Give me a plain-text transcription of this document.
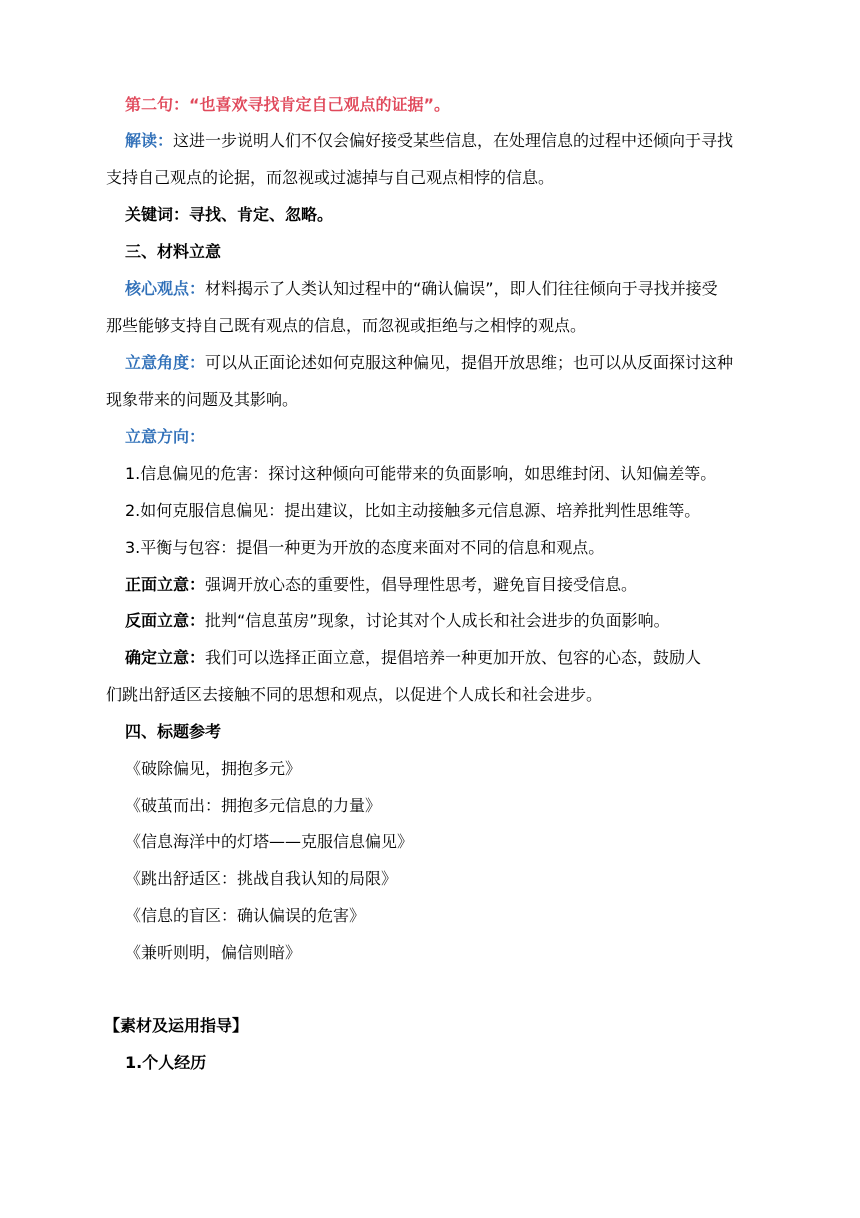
第二句：“也喜欢寻找肯定自己观点的证据”。
解读：这进一步说明人们不仅会偏好接受某些信息，在处理信息的过程中还倾向于寻找
支持自己观点的论据，而忽视或过滤掉与自己观点相悖的信息。
关键词：寻找、肯定、忽略。
三、材料立意
核心观点：材料揭示了人类认知过程中的“确认偏误”，即人们往往倾向于寻找并接受
那些能够支持自己既有观点的信息，而忽视或拒绝与之相悖的观点。
立意角度：可以从正面论述如何克服这种偏见，提倡开放思维；也可以从反面探讨这种
现象带来的问题及其影响。
立意方向：
1.信息偏见的危害：探讨这种倾向可能带来的负面影响，如思维封闭、认知偏差等。
2.如何克服信息偏见：提出建议，比如主动接触多元信息源、培养批判性思维等。
3.平衡与包容：提倡一种更为开放的态度来面对不同的信息和观点。
正面立意：强调开放心态的重要性，倡导理性思考，避免盲目接受信息。
反面立意：批判“信息茧房”现象，讨论其对个人成长和社会进步的负面影响。
确定立意：我们可以选择正面立意，提倡培养一种更加开放、包容的心态，鼓励人
们跳出舒适区去接触不同的思想和观点，以促进个人成长和社会进步。
四、标题参考
《破除偏见，拥抱多元》
《破茧而出：拥抱多元信息的力量》
《信息海洋中的灯塔——克服信息偏见》
《跳出舒适区：挑战自我认知的局限》
《信息的盲区：确认偏误的危害》
《兼听则明，偏信则暗》
【素材及运用指导】
1.个人经历
